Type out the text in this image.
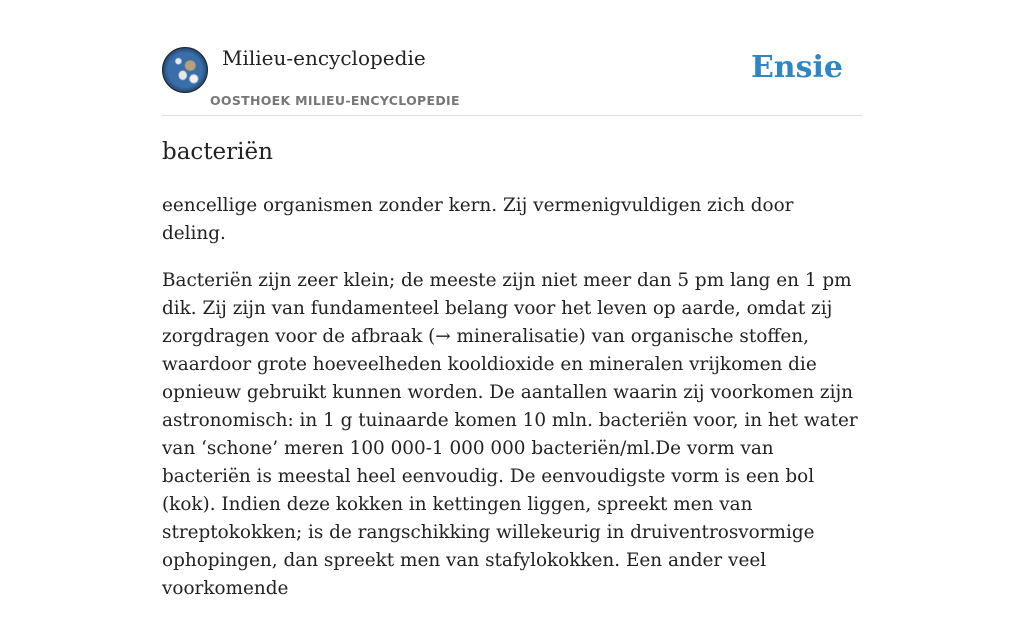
Milieu-encyclopedie
OOSTHOEK MILIEU-ENCYCLOPEDIE
Ensie
bacteriën

eencellige organismen zonder kern. Zij vermenigvuldigen zich door deling.

Bacteriën zijn zeer klein; de meeste zijn niet meer dan 5 pm lang en 1 pm dik. Zij zijn van fundamenteel belang voor het leven op aarde, omdat zij zorgdragen voor de afbraak (→ mineralisatie) van organische stoffen, waardoor grote hoeveelheden kooldioxide en mineralen vrijkomen die opnieuw gebruikt kunnen worden. De aantallen waarin zij voorkomen zijn astronomisch: in 1 g tuinaarde komen 10 mln. bacteriën voor, in het water van ‘schone’ meren 100 000-1 000 000 bacteriën/ml.De vorm van bacteriën is meestal heel eenvoudig. De eenvoudigste vorm is een bol (kok). Indien deze kokken in kettingen liggen, spreekt men van streptokokken; is de rangschikking willekeurig in druiventrosvormige ophopingen, dan spreekt men van stafylokokken. Een ander veel voorkomende
